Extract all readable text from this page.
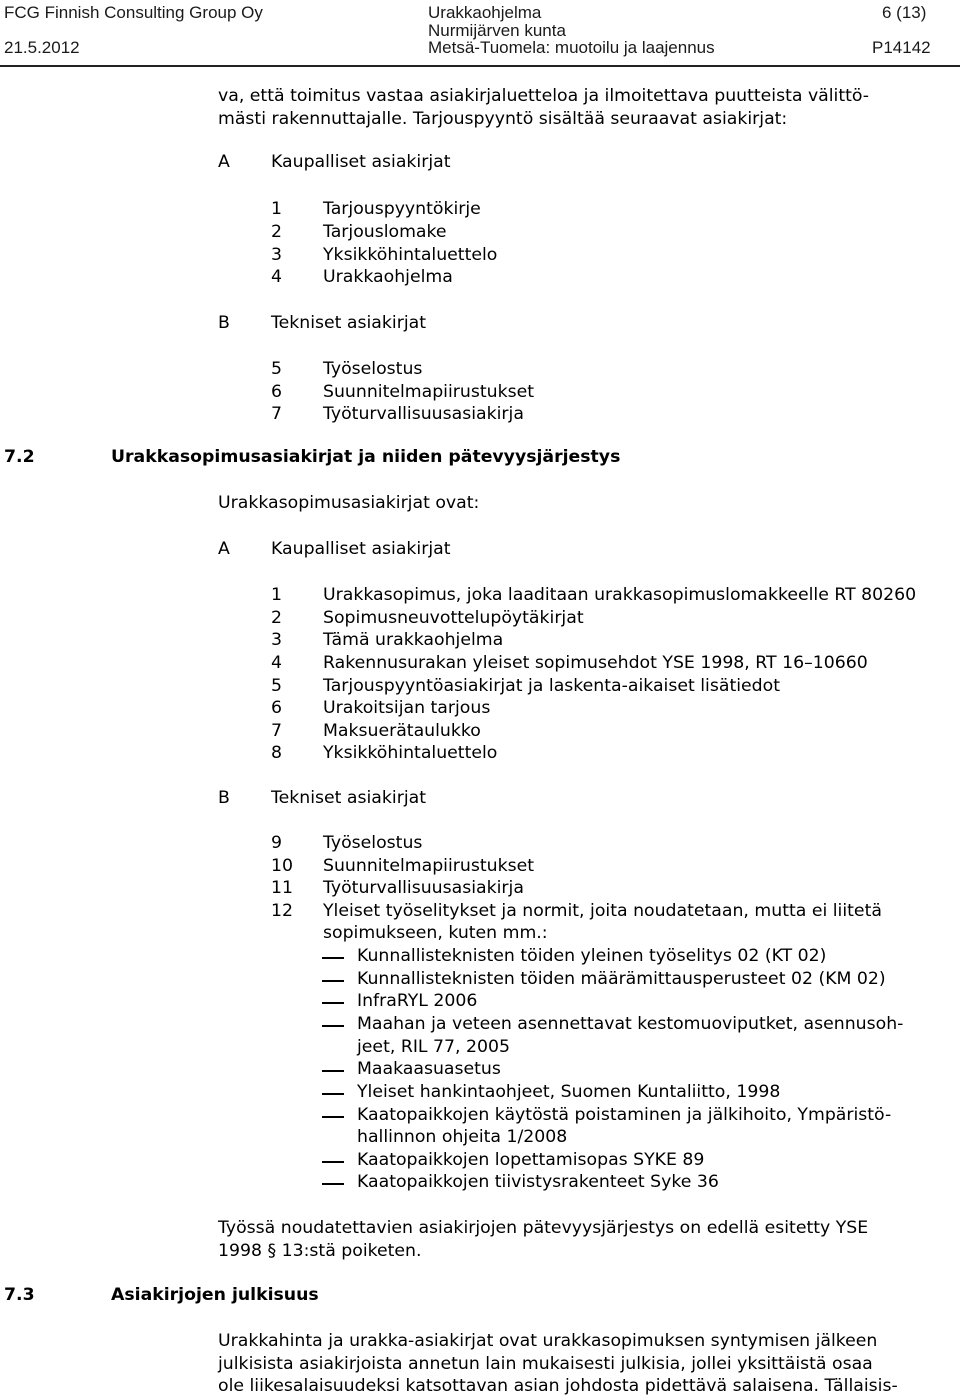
FCG Finnish Consulting Group Oy
21.5.2012
Urakkaohjelma
Nurmijärven kunta
Metsä-Tuomela: muotoilu ja laajennus
6 (13)
P14142
va, että toimitus vastaa asiakirjaluetteloa ja ilmoitettava puutteista välittö-
mästi rakennuttajalle. Tarjouspyyntö sisältää seuraavat asiakirjat:
A Kaupalliset asiakirjat
1 Tarjouspyyntökirje
2 Tarjouslomake
3 Yksikköhintaluettelo
4 Urakkaohjelma
B Tekniset asiakirjat
5 Työselostus
6 Suunnitelmapiirustukset
7 Työturvallisuusasiakirja
7.2	Urakkasopimusasiakirjat ja niiden pätevyysjärjestys
Urakkasopimusasiakirjat ovat:
A Kaupalliset asiakirjat
1 Urakkasopimus, joka laaditaan urakkasopimuslomakkeelle RT 80260
2 Sopimusneuvottelupöytäkirjat
3 Tämä urakkaohjelma
4 Rakennusurakan yleiset sopimusehdot YSE 1998, RT 16–10660
5 Tarjouspyyntöasiakirjat ja laskenta-aikaiset lisätiedot
6 Urakoitsijan tarjous
7 Maksuerätaulukko
8 Yksikköhintaluettelo
B Tekniset asiakirjat
9 Työselostus
10 Suunnitelmapiirustukset
11 Työturvallisuusasiakirja
12 Yleiset työselitykset ja normit, joita noudatetaan, mutta ei liitetä
sopimukseen, kuten mm.:
Kunnallisteknisten töiden yleinen työselitys 02 (KT 02)
Kunnallisteknisten töiden määrämittausperusteet 02 (KM 02)
InfraRYL 2006
Maahan ja veteen asennettavat kestomuoviputket, asennusoh-
jeet, RIL 77, 2005
Maakaasuasetus
Yleiset hankintaohjeet, Suomen Kuntaliitto, 1998
Kaatopaikkojen käytöstä poistaminen ja jälkihoito, Ympäristö-
hallinnon ohjeita 1/2008
Kaatopaikkojen lopettamisopas SYKE 89
Kaatopaikkojen tiivistysrakenteet Syke 36
Työssä noudatettavien asiakirjojen pätevyysjärjestys on edellä esitetty YSE
1998 § 13:stä poiketen.
7.3	Asiakirjojen julkisuus
Urakkahinta ja urakka-asiakirjat ovat urakkasopimuksen syntymisen jälkeen
julkisista asiakirjoista annetun lain mukaisesti julkisia, jollei yksittäistä osaa
ole liikesalaisuudeksi katsottavan asian johdosta pidettävä salaisena. Tällaisis-
